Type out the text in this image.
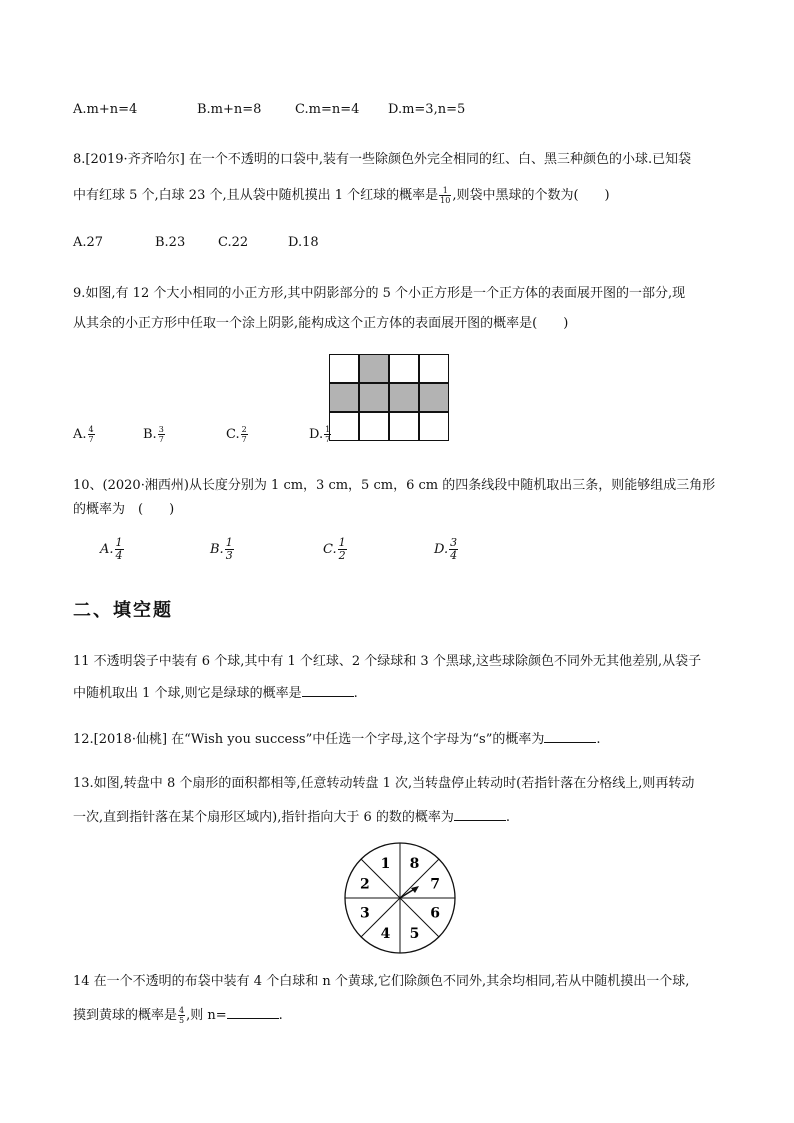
A.m+n=4	B.m+n=8	C.m=n=4 D.m=3,n=5
8.[2019·齐齐哈尔] 在一个不透明的口袋中,装有一些除颜色外完全相同的红、白、黑三种颜色的小球.已知袋
中有红球 5 个,白球 23 个,且从袋中随机摸出 1 个红球的概率是 $\frac{1}{10}$ ,则袋中黑球的个数为(　　)
A.27	B.23	C.22	D.18
9.如图,有 12 个大小相同的小正方形,其中阴影部分的 5 个小正方形是一个正方体的表面展开图的一部分,现
从其余的小正方形中任取一个涂上阴影,能构成这个正方体的表面展开图的概率是(　　)
A. $\frac{4}{7}$	B. $\frac{3}{7}$	C. $\frac{2}{7}$	D. $\frac{1}{7}$
10、(2020·湘西州)从长度分别为 1 cm，3 cm，5 cm，6 cm 的四条线段中随机取出三条，则能够组成三角形
的概率为　(　　)
A. $\frac{1}{4}$	B. $\frac{1}{3}$	C. $\frac{1}{2}$	D. $\frac{3}{4}$
二、填空题
11 不透明袋子中装有 6 个球,其中有 1 个红球、2 个绿球和 3 个黑球,这些球除颜色不同外无其他差别,从袋子
中随机取出 1 个球,则它是绿球的概率是	.
12.[2018·仙桃] 在“Wish you success”中任选一个字母,这个字母为“s”的概率为	.
13.如图,转盘中 8 个扇形的面积都相等,任意转动转盘 1 次,当转盘停止转动时(若指针落在分格线上,则再转动
一次,直到指针落在某个扇形区域内),指针指向大于 6 的数的概率为	.
1 8
7
6
5
4
3
2
14 在一个不透明的布袋中装有 4 个白球和 n 个黄球,它们除颜色不同外,其余均相同,若从中随机摸出一个球,
摸到黄球的概率是 $\frac{4}{5}$ ,则 n=	.
